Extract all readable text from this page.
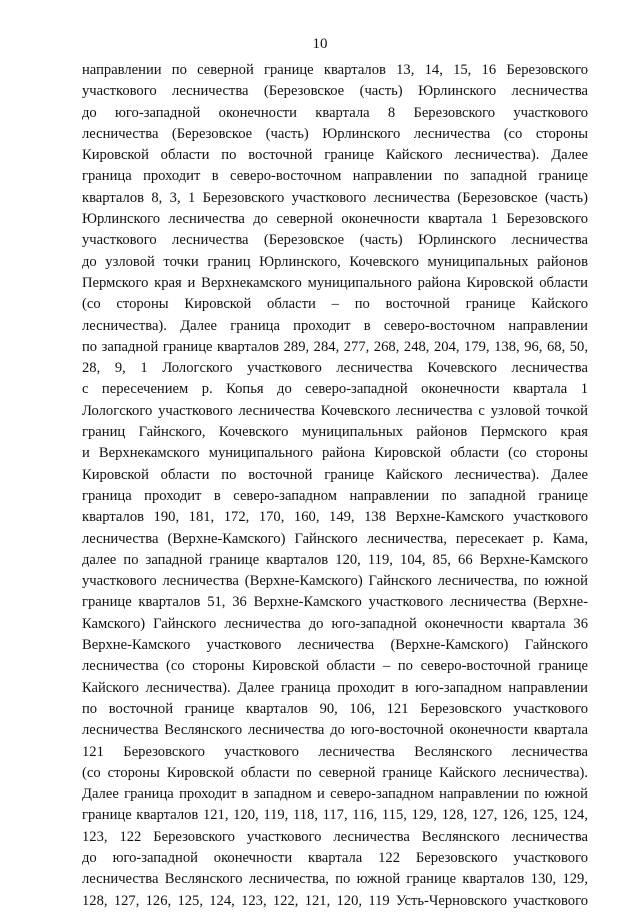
10
направлении по северной границе кварталов 13, 14, 15, 16 Березовского
участкового лесничества (Березовское (часть) Юрлинского лесничества
до юго-западной оконечности квартала 8 Березовского участкового
лесничества (Березовское (часть) Юрлинского лесничества (со стороны
Кировской области по восточной границе Кайского лесничества). Далее
граница проходит в северо-восточном направлении по западной границе
кварталов 8, 3, 1 Березовского участкового лесничества (Березовское (часть)
Юрлинского лесничества до северной оконечности квартала 1 Березовского
участкового лесничества (Березовское (часть) Юрлинского лесничества
до узловой точки границ Юрлинского, Кочевского муниципальных районов
Пермского края и Верхнекамского муниципального района Кировской области
(со стороны Кировской области – по восточной границе Кайского
лесничества). Далее граница проходит в северо-восточном направлении
по западной границе кварталов 289, 284, 277, 268, 248, 204, 179, 138, 96, 68, 50,
28, 9, 1 Лологского участкового лесничества Кочевского лесничества
с пересечением р. Копья до северо-западной оконечности квартала 1
Лологского участкового лесничества Кочевского лесничества с узловой точкой
границ Гайнского, Кочевского муниципальных районов Пермского края
и Верхнекамского муниципального района Кировской области (со стороны
Кировской области по восточной границе Кайского лесничества). Далее
граница проходит в северо-западном направлении по западной границе
кварталов 190, 181, 172, 170, 160, 149, 138 Верхне-Камского участкового
лесничества (Верхне-Камского) Гайнского лесничества, пересекает р. Кама,
далее по западной границе кварталов 120, 119, 104, 85, 66 Верхне-Камского
участкового лесничества (Верхне-Камского) Гайнского лесничества, по южной
границе кварталов 51, 36 Верхне-Камского участкового лесничества (Верхне-
Камского) Гайнского лесничества до юго-западной оконечности квартала 36
Верхне-Камского участкового лесничества (Верхне-Камского) Гайнского
лесничества (со стороны Кировской области – по северо-восточной границе
Кайского лесничества). Далее граница проходит в юго-западном направлении
по восточной границе кварталов 90, 106, 121 Березовского участкового
лесничества Веслянского лесничества до юго-восточной оконечности квартала
121 Березовского участкового лесничества Веслянского лесничества
(со стороны Кировской области по северной границе Кайского лесничества).
Далее граница проходит в западном и северо-западном направлении по южной
границе кварталов 121, 120, 119, 118, 117, 116, 115, 129, 128, 127, 126, 125, 124,
123, 122 Березовского участкового лесничества Веслянского лесничества
до юго-западной оконечности квартала 122 Березовского участкового
лесничества Веслянского лесничества, по южной границе кварталов 130, 129,
128, 127, 126, 125, 124, 123, 122, 121, 120, 119 Усть-Черновского участкового
